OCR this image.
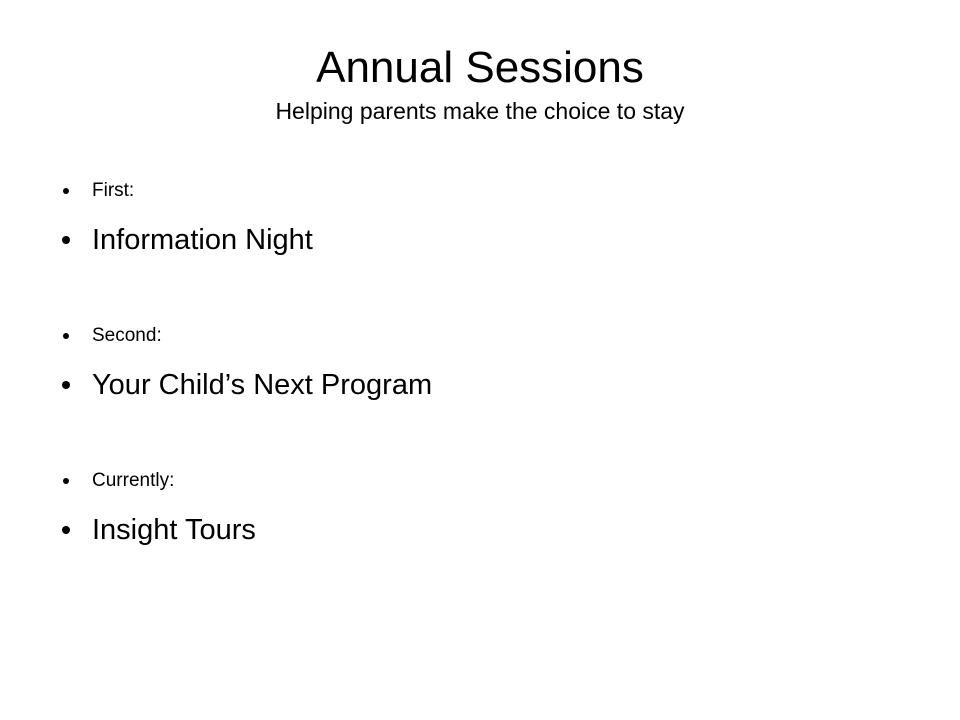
Annual Sessions

Helping parents make the choice to stay

First:
Information Night
Second:
Your Child’s Next Program
Currently:
Insight Tours
